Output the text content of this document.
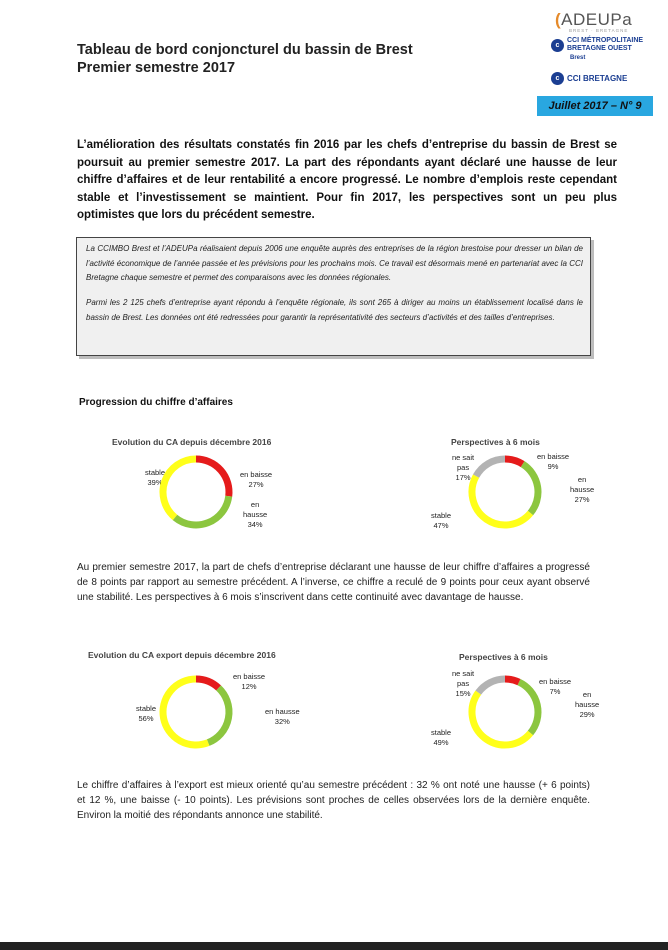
Tableau de bord conjoncturel du bassin de Brest
Premier semestre 2017
(ADEUPa
BREST · BRETAGNE
c
CCI MÉTROPOLITAINE
BRETAGNE OUEST
Brest
c CCI BRETAGNE
Juillet 2017 – N° 9
L’amélioration des résultats constatés fin 2016 par les chefs d’entreprise du bassin de Brest se poursuit au premier semestre 2017. La part des répondants ayant déclaré une hausse de leur chiffre d’affaires et de leur rentabilité a encore progressé. Le nombre d’emplois reste cependant stable et l’investissement se maintient. Pour fin 2017, les perspectives sont un peu plus optimistes que lors du précédent semestre.
La CCIMBO Brest et l’ADEUPa réalisaient depuis 2006 une enquête auprès des entreprises de la région brestoise pour dresser un bilan de l’activité économique de l’année passée et les prévisions pour les prochains mois. Ce travail est désormais mené en partenariat avec la CCI Bretagne chaque semestre et permet des comparaisons avec les données régionales.
Parmi les 2 125 chefs d’entreprise ayant répondu à l’enquête régionale, ils sont 265 à diriger au moins un établissement localisé dans le bassin de Brest. Les données ont été redressées pour garantir la représentativité des secteurs d’activités et des tailles d’entreprises.
Progression du chiffre d’affaires
Evolution du CA depuis décembre 2016
en baisse
27%
en
hausse
34%
stable
39%
Perspectives à 6 mois
en baisse
9%
en
hausse
27%
stable
47%
ne sait
pas
17%
Evolution du CA export depuis décembre 2016
en baisse
12%
en hausse
32%
stable
56%
Perspectives à 6 mois
en baisse
7%	en
hausse
29%
stable
49%
ne sait
pas
15%
Au premier semestre 2017, la part de chefs d’entreprise déclarant une hausse de leur chiffre d’affaires a progressé de 8 points par rapport au semestre précédent. A l’inverse, ce chiffre a reculé de 9 points pour ceux ayant observé une stabilité. Les perspectives à 6 mois s’inscrivent dans cette continuité avec davantage de hausse.
Le chiffre d’affaires à l’export est mieux orienté qu’au semestre précédent : 32 % ont noté une hausse (+ 6 points) et 12 %, une baisse (- 10 points). Les prévisions sont proches de celles observées lors de la dernière enquête. Environ la moitié des répondants annonce une stabilité.
